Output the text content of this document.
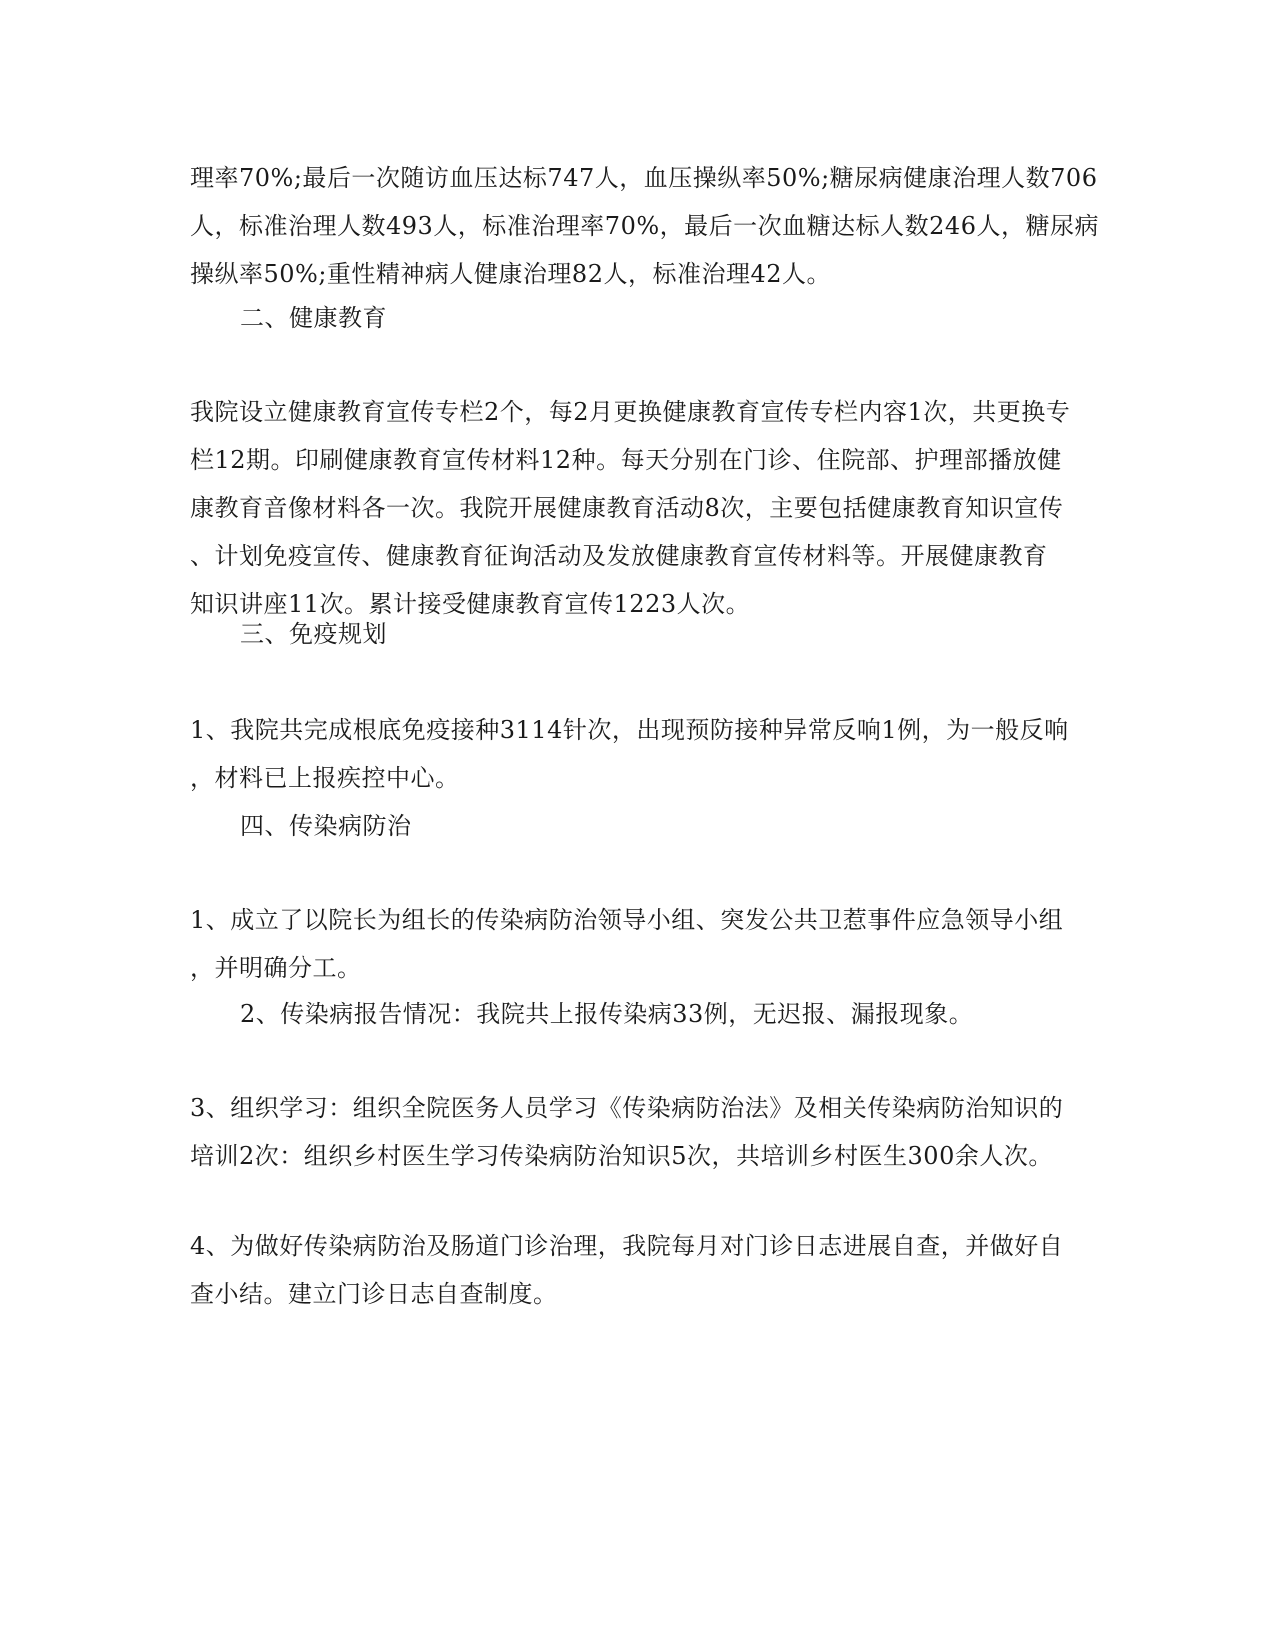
理率70%;最后一次随访血压达标747人，血压操纵率50%;糖尿病健康治理人数706
人，标准治理人数493人，标准治理率70%，最后一次血糖达标人数246人，糖尿病
操纵率50%;重性精神病人健康治理82人，标准治理42人。

二、健康教育

我院设立健康教育宣传专栏2个，每2月更换健康教育宣传专栏内容1次，共更换专
栏12期。印刷健康教育宣传材料12种。每天分别在门诊、住院部、护理部播放健
康教育音像材料各一次。我院开展健康教育活动8次，主要包括健康教育知识宣传
、计划免疫宣传、健康教育征询活动及发放健康教育宣传材料等。开展健康教育
知识讲座11次。累计接受健康教育宣传1223人次。

三、免疫规划

1、我院共完成根底免疫接种3114针次，出现预防接种异常反响1例，为一般反响
，材料已上报疾控中心。

四、传染病防治

1、成立了以院长为组长的传染病防治领导小组、突发公共卫惹事件应急领导小组
，并明确分工。

2、传染病报告情况：我院共上报传染病33例，无迟报、漏报现象。

3、组织学习：组织全院医务人员学习《传染病防治法》及相关传染病防治知识的
培训2次：组织乡村医生学习传染病防治知识5次，共培训乡村医生300余人次。

4、为做好传染病防治及肠道门诊治理，我院每月对门诊日志进展自查，并做好自
查小结。建立门诊日志自查制度。
